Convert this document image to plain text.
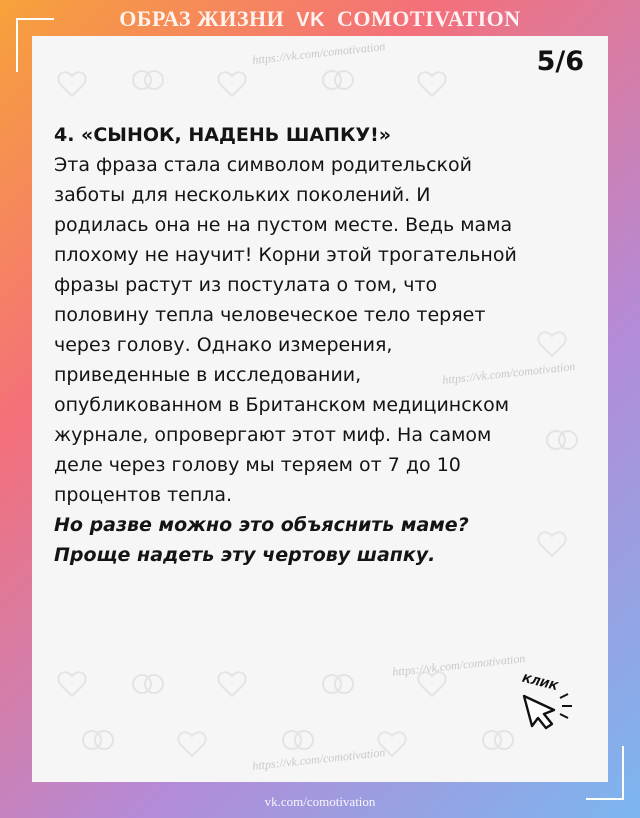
ОБРАЗ ЖИЗНИ VK COMOTIVATION
https://vk.com/comotivation
https://vk.com/comotivation
https://vk.com/comotivation
https://vk.com/comotivation
5/6

4. «СЫНОК, НАДЕНЬ ШАПКУ!»

Эта фраза стала символом родительской

заботы для нескольких поколений. И

родилась она не на пустом месте. Ведь мама

плохому не научит! Корни этой трогательной

фразы растут из постулата о том, что

половину тепла человеческое тело теряет

через голову. Однако измерения,

приведенные в исследовании,

опубликованном в Британском медицинском

журнале, опровергают этот миф. На самом

деле через голову мы теряем от 7 до 10

процентов тепла.

Но разве можно это объяснить маме?

Проще надеть эту чертову шапку.

КЛИК
vk.com/comotivation
